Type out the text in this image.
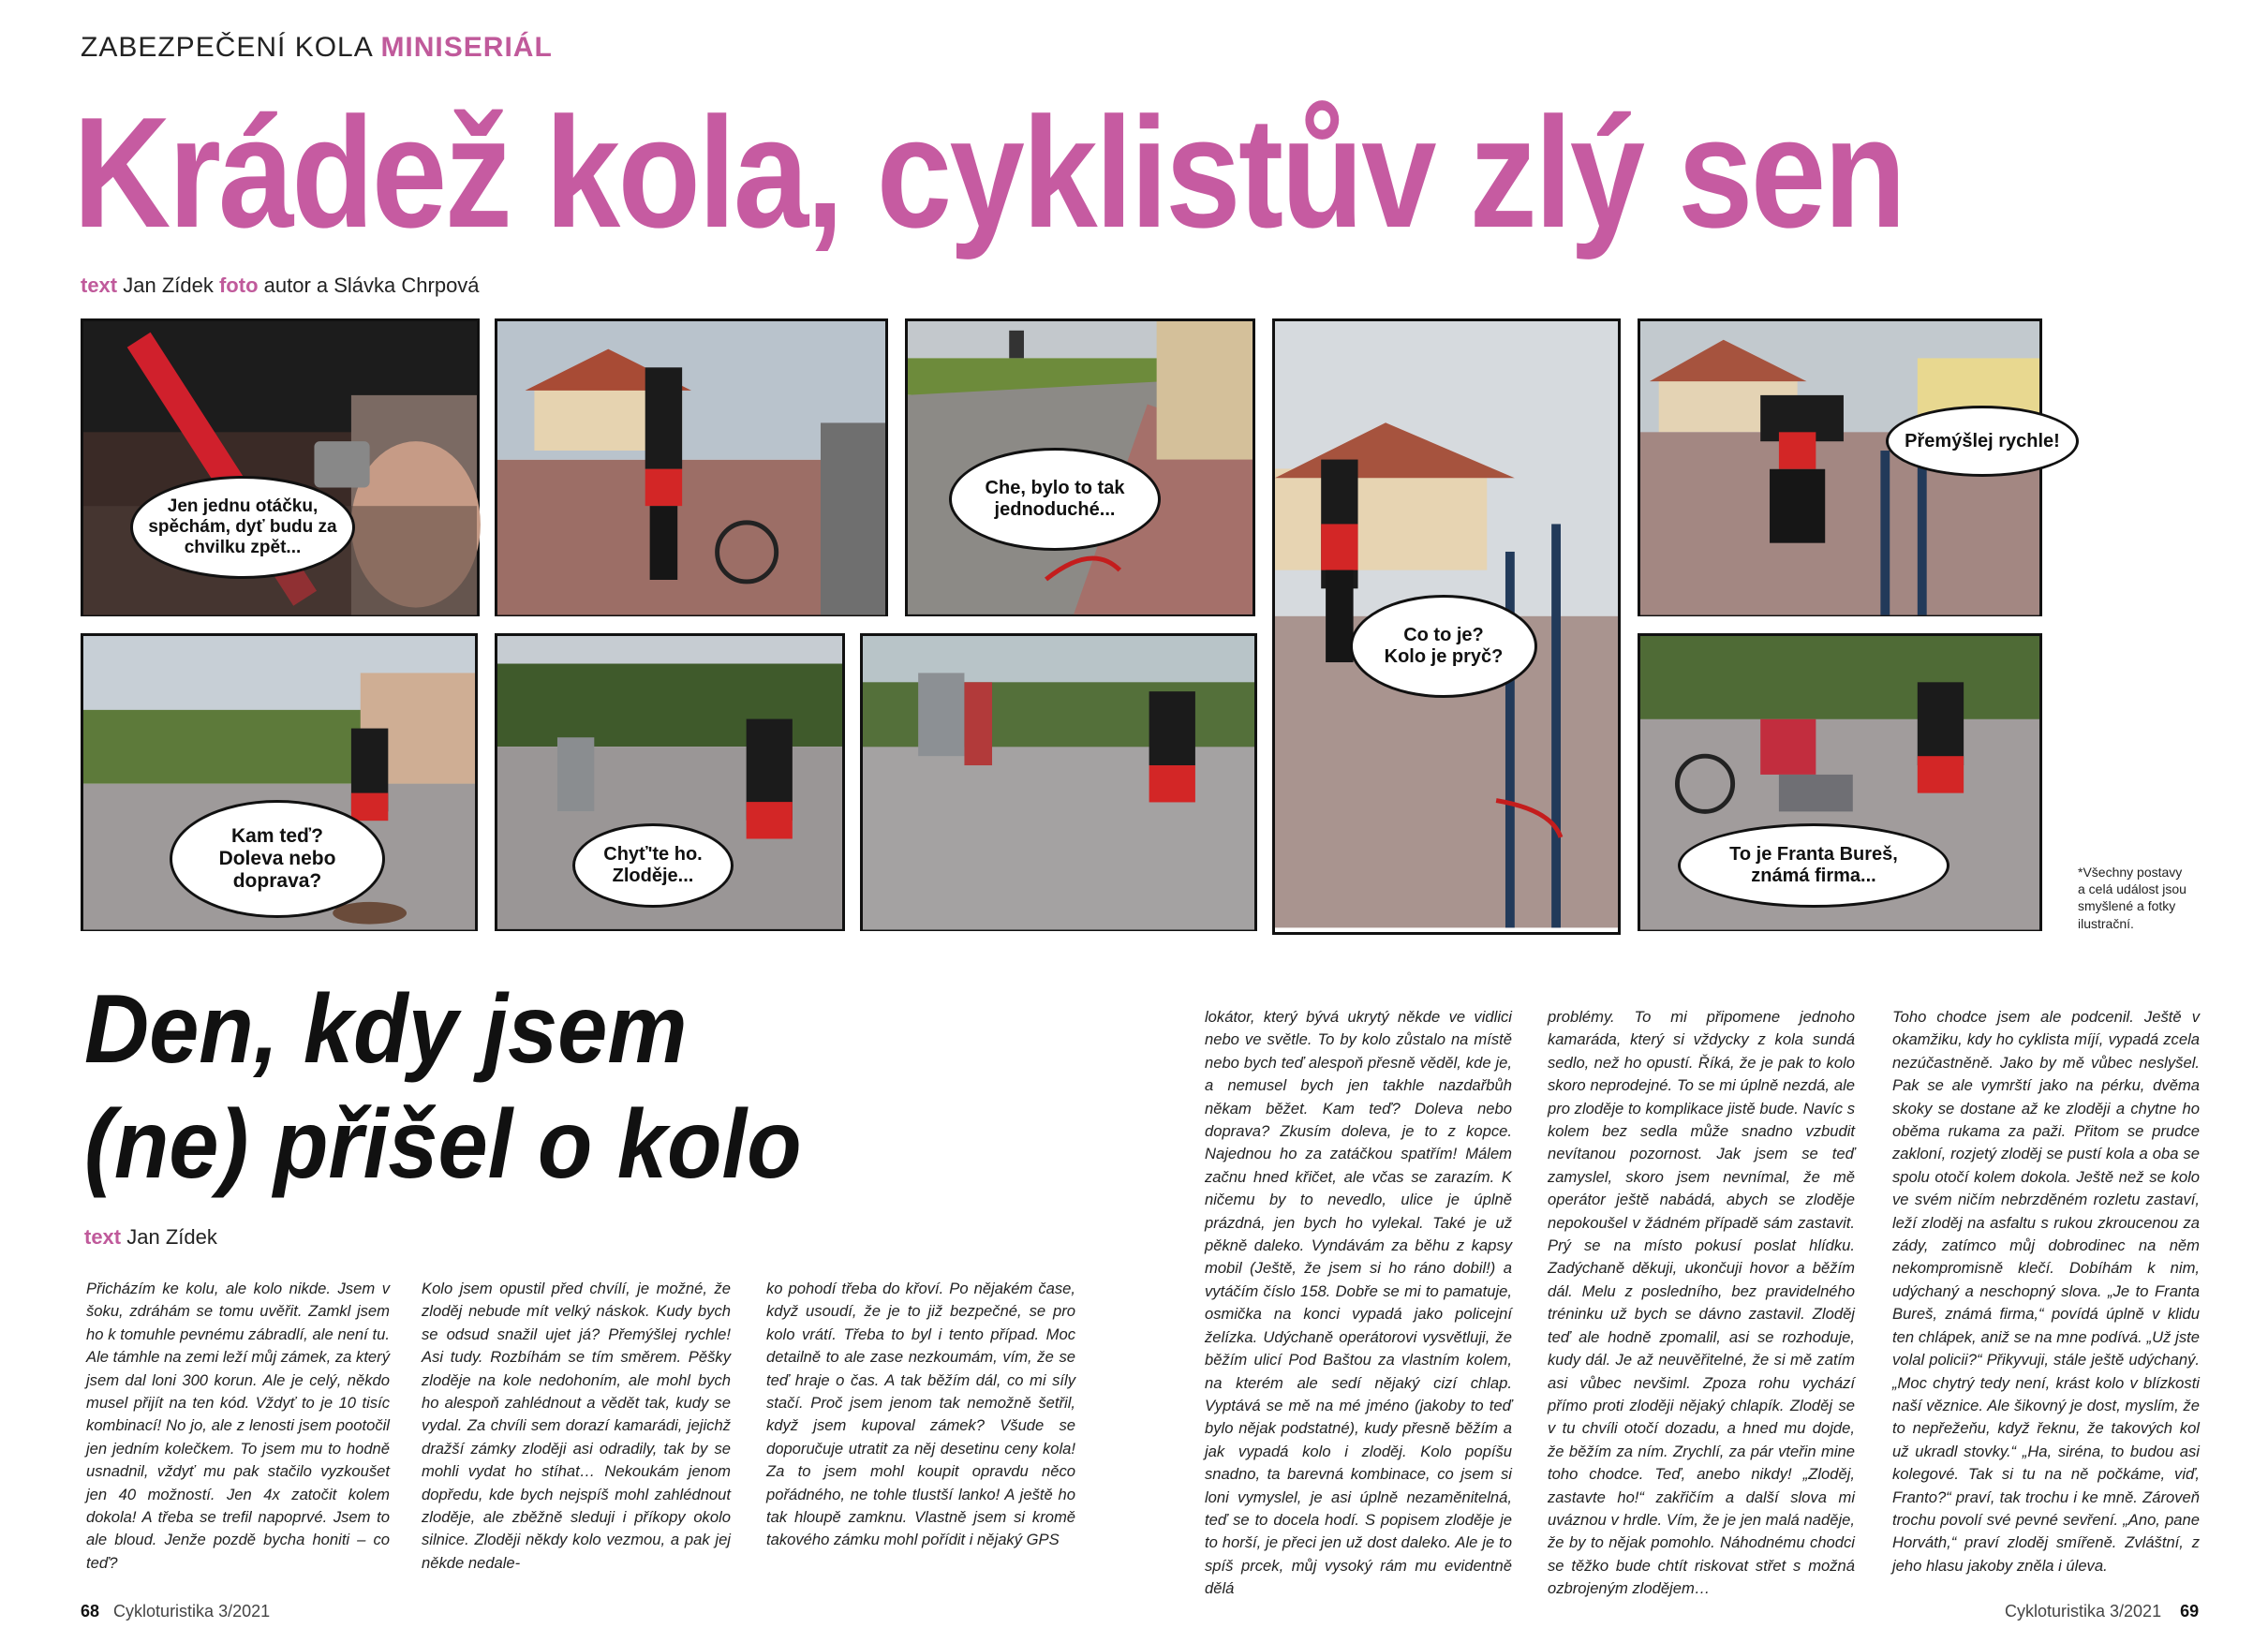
ZABEZPEČENÍ KOLA MINISERIÁL
Krádež kola, cyklistův zlý sen
text Jan Zídek foto autor a Slávka Chrpová
Jen jednu otáčku,
spěchám, dyť budu za
chvilku zpět...
Che, bylo to tak
jednoduché...
Co to je?
Kolo je pryč?
Přemýšlej rychle!
Kam teď?
Doleva nebo
doprava?
Chyť'te ho.
Zloděje...
To je Franta Bureš,
známá firma...	*Všechny postavy a celá událost jsou smyšlené a fotky ilustrační.
Den, kdy jsem
(ne) přišel o kolo
text Jan Zídek
Přicházím ke kolu, ale kolo nikde. Jsem v šoku, zdráhám se tomu uvěřit. Zamkl jsem ho k tomuhle pevnému zábradlí, ale není tu. Ale támhle na zemi leží můj zámek, za který jsem dal loni 300 korun. Ale je celý, někdo musel přijít na ten kód. Vždyť to je 10 tisíc kombinací! No jo, ale z lenosti jsem pootočil jen jedním kolečkem. To jsem mu to hodně usnadnil, vždyť mu pak stačilo vyzkoušet jen 40 možností. Jen 4x zatočit kolem dokola! A třeba se trefil napoprvé. Jsem to ale bloud. Jenže pozdě bycha honiti – co teď?
Kolo jsem opustil před chvílí, je možné, že zloděj nebude mít velký náskok. Kudy bych se odsud snažil ujet já? Přemýšlej rychle! Asi tudy. Rozbíhám se tím směrem. Pěšky zloděje na kole nedohoním, ale mohl bych ho alespoň zahlédnout a vědět tak, kudy se vydal. Za chvíli sem dorazí kamarádi, jejichž dražší zámky zloději asi odradily, tak by se mohli vydat ho stíhat… Nekoukám jenom dopředu, kde bych nejspíš mohl zahlédnout zloděje, ale zběžně sleduji i příkopy okolo silnice. Zloději někdy kolo vezmou, a pak jej někde nedale-
ko pohodí třeba do křoví. Po nějakém čase, když usoudí, že je to již bezpečné, se pro kolo vrátí. Třeba to byl i tento případ. Moc detailně to ale zase nezkoumám, vím, že se teď hraje o čas. A tak běžím dál, co mi síly stačí. Proč jsem jenom tak nemožně šetřil, když jsem kupoval zámek? Všude se doporučuje utratit za něj desetinu ceny kola! Za to jsem mohl koupit opravdu něco pořádného, ne tohle tlustší lanko! A ještě ho tak hloupě zamknu. Vlastně jsem si kromě takového zámku mohl pořídit i nějaký GPS
lokátor, který bývá ukrytý někde ve vidlici nebo ve světle. To by kolo zůstalo na místě nebo bych teď alespoň přesně věděl, kde je, a nemusel bych jen takhle nazdařbůh někam běžet. Kam teď? Doleva nebo doprava? Zkusím doleva, je to z kopce. Najednou ho za zatáčkou spatřím! Málem začnu hned křičet, ale včas se zarazím. K ničemu by to nevedlo, ulice je úplně prázdná, jen bych ho vylekal. Také je už pěkně daleko. Vyndávám za běhu z kapsy mobil (Ještě, že jsem si ho ráno dobil!) a vytáčím číslo 158. Dobře se mi to pamatuje, osmička na konci vypadá jako policejní želízka. Udýchaně operátorovi vysvětluji, že běžím ulicí Pod Baštou za vlastním kolem, na kterém ale sedí nějaký cizí chlap. Vyptává se mě na mé jméno (jakoby to teď bylo nějak podstatné), kudy přesně běžím a jak vypadá kolo i zloděj. Kolo popíšu snadno, ta barevná kombinace, co jsem si loni vymyslel, je asi úplně nezaměnitelná, teď se to docela hodí. S popisem zloděje je to horší, je přeci jen už dost daleko. Ale je to spíš prcek, můj vysoký rám mu evidentně dělá
problémy. To mi připomene jednoho kamaráda, který si vždycky z kola sundá sedlo, než ho opustí. Říká, že je pak to kolo skoro neprodejné. To se mi úplně nezdá, ale pro zloděje to komplikace jistě bude. Navíc s kolem bez sedla může snadno vzbudit nevítanou pozornost. Jak jsem se teď zamyslel, skoro jsem nevnímal, že mě operátor ještě nabádá, abych se zloděje nepokoušel v žádném případě sám zastavit. Prý se na místo pokusí poslat hlídku. Zadýchaně děkuji, ukončuji hovor a běžím dál. Melu z posledního, bez pravidelného tréninku už bych se dávno zastavil. Zloděj teď ale hodně zpomalil, asi se rozhoduje, kudy dál. Je až neuvěřitelné, že si mě zatím asi vůbec nevšiml. Zpoza rohu vychází přímo proti zloději nějaký chlapík. Zloděj se v tu chvíli otočí dozadu, a hned mu dojde, že běžím za ním. Zrychlí, za pár vteřin mine toho chodce. Teď, anebo nikdy! „Zloděj, zastavte ho!“ zakřičím a další slova mi uváznou v hrdle. Vím, že je jen malá naděje, že by to nějak pomohlo. Náhodnému chodci se těžko bude chtít riskovat střet s možná ozbrojeným zlodějem…
Toho chodce jsem ale podcenil. Ještě v okamžiku, kdy ho cyklista míjí, vypadá zcela nezúčastněně. Jako by mě vůbec neslyšel. Pak se ale vymrští jako na pérku, dvěma skoky se dostane až ke zloději a chytne ho oběma rukama za paži. Přitom se prudce zakloní, rozjetý zloděj se pustí kola a oba se spolu otočí kolem dokola. Ještě než se kolo ve svém ničím nebrzděném rozletu zastaví, leží zloděj na asfaltu s rukou zkroucenou za zády, zatímco můj dobrodinec na něm nekompromisně klečí. Dobíhám k nim, udýchaný a neschopný slova. „Je to Franta Bureš, známá firma,“ povídá úplně v klidu ten chlápek, aniž se na mne podívá. „Už jste volal policii?“ Přikyvuji, stále ještě udýchaný. „Moc chytrý tedy není, krást kolo v blízkosti naší věznice. Ale šikovný je dost, myslím, že to nepřežeňu, když řeknu, že takových kol už ukradl stovky.“ „Ha, siréna, to budou asi kolegové. Tak si tu na ně počkáme, viď, Franto?“ praví, tak trochu i ke mně. Zároveň trochu povolí své pevné sevření. „Ano, pane Horváth,“ praví zloděj smířeně. Zvláštní, z jeho hlasu jakoby zněla i úleva.
68 Cykloturistika 3/2021	Cykloturistika 3/2021 69
